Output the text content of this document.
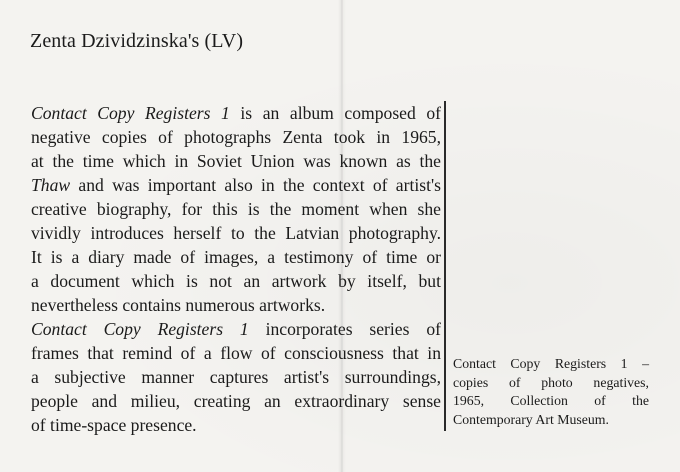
Zenta Dzividzinska's (LV)

Contact Copy Registers 1 is an album composed of
negative copies of photographs Zenta took in 1965,
at the time which in Soviet Union was known as the
Thaw and was important also in the context of artist's
creative biography, for this is the moment when she
vividly introduces herself to the Latvian photography.
It is a diary made of images, a testimony of time or
a document which is not an artwork by itself, but
nevertheless contains numerous artworks.

Contact Copy Registers 1 incorporates series of
frames that remind of a flow of consciousness that in
a subjective manner captures artist's surroundings,
people and milieu, creating an extraordinary sense
of time-space presence.

Contact Copy Registers 1 –
copies of photo negatives,
1965, Collection of the
Contemporary Art Museum.
